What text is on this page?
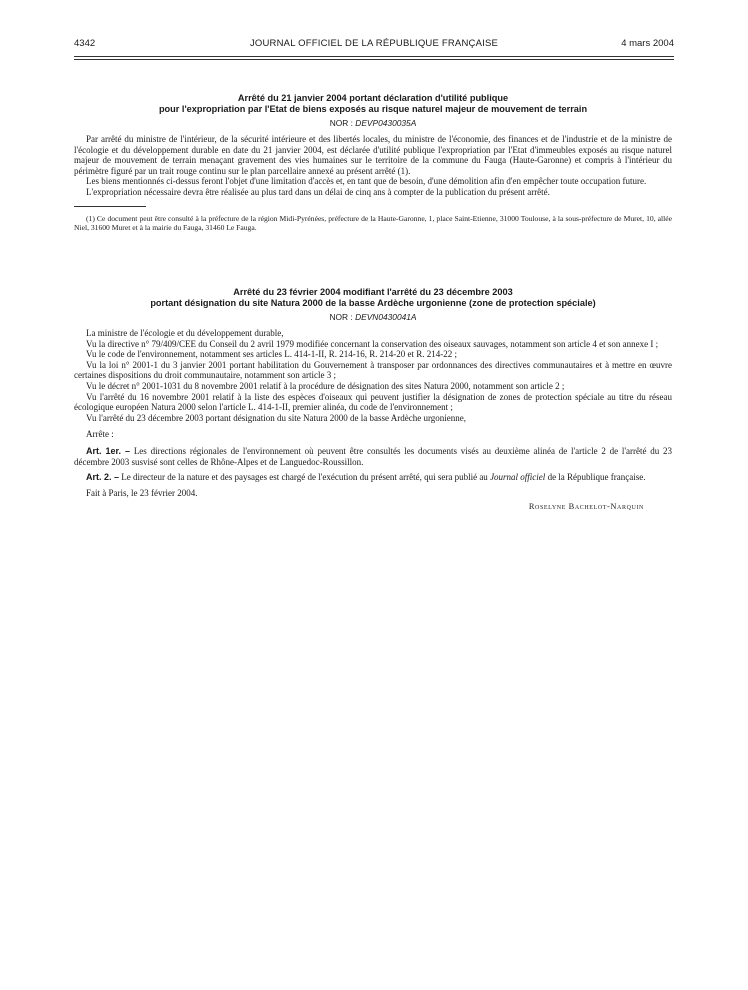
4342	JOURNAL OFFICIEL DE LA RÉPUBLIQUE FRANÇAISE	4 mars 2004

Arrêté du 21 janvier 2004 portant déclaration d'utilité publique

pour l'expropriation par l'Etat de biens exposés au risque naturel majeur de mouvement de terrain

NOR : DEVP0430035A

Par arrêté du ministre de l'intérieur, de la sécurité intérieure et des libertés locales, du ministre de l'économie, des finances et de l'industrie et de la ministre de l'écologie et du développement durable en date du 21 janvier 2004, est déclarée d'utilité publique l'expropriation par l'Etat d'immeubles exposés au risque naturel majeur de mouvement de terrain menaçant gravement des vies humaines sur le territoire de la commune du Fauga (Haute-Garonne) et compris à l'intérieur du périmètre figuré par un trait rouge continu sur le plan parcellaire annexé au présent arrêté (1).

Les biens mentionnés ci-dessus feront l'objet d'une limitation d'accès et, en tant que de besoin, d'une démolition afin d'en empêcher toute occupation future.

L'expropriation nécessaire devra être réalisée au plus tard dans un délai de cinq ans à compter de la publication du présent arrêté.

(1) Ce document peut être consulté à la préfecture de la région Midi-Pyrénées, préfecture de la Haute-Garonne, 1, place Saint-Etienne, 31000 Toulouse, à la sous-préfecture de Muret, 10, allée Niel, 31600 Muret et à la mairie du Fauga, 31460 Le Fauga.

Arrêté du 23 février 2004 modifiant l'arrêté du 23 décembre 2003

portant désignation du site Natura 2000 de la basse Ardèche urgonienne (zone de protection spéciale)

NOR : DEVN0430041A

La ministre de l'écologie et du développement durable,

Vu la directive n° 79/409/CEE du Conseil du 2 avril 1979 modifiée concernant la conservation des oiseaux sauvages, notamment son article 4 et son annexe I ;

Vu le code de l'environnement, notamment ses articles L. 414-1-II, R. 214-16, R. 214-20 et R. 214-22 ;

Vu la loi n° 2001-1 du 3 janvier 2001 portant habilitation du Gouvernement à transposer par ordonnances des directives communautaires et à mettre en œuvre certaines dispositions du droit communautaire, notamment son article 3 ;

Vu le décret n° 2001-1031 du 8 novembre 2001 relatif à la procédure de désignation des sites Natura 2000, notamment son article 2 ;

Vu l'arrêté du 16 novembre 2001 relatif à la liste des espèces d'oiseaux qui peuvent justifier la désignation de zones de protection spéciale au titre du réseau écologique européen Natura 2000 selon l'article L. 414-1-II, premier alinéa, du code de l'environnement ;

Vu l'arrêté du 23 décembre 2003 portant désignation du site Natura 2000 de la basse Ardèche urgonienne,

Arrête :

Art. 1er. – Les directions régionales de l'environnement où peuvent être consultés les documents visés au deuxième alinéa de l'article 2 de l'arrêté du 23 décembre 2003 susvisé sont celles de Rhône-Alpes et de Languedoc-Roussillon.

Art. 2. – Le directeur de la nature et des paysages est chargé de l'exécution du présent arrêté, qui sera publié au Journal officiel de la République française.

Fait à Paris, le 23 février 2004.

Roselyne Bachelot-Narquin
